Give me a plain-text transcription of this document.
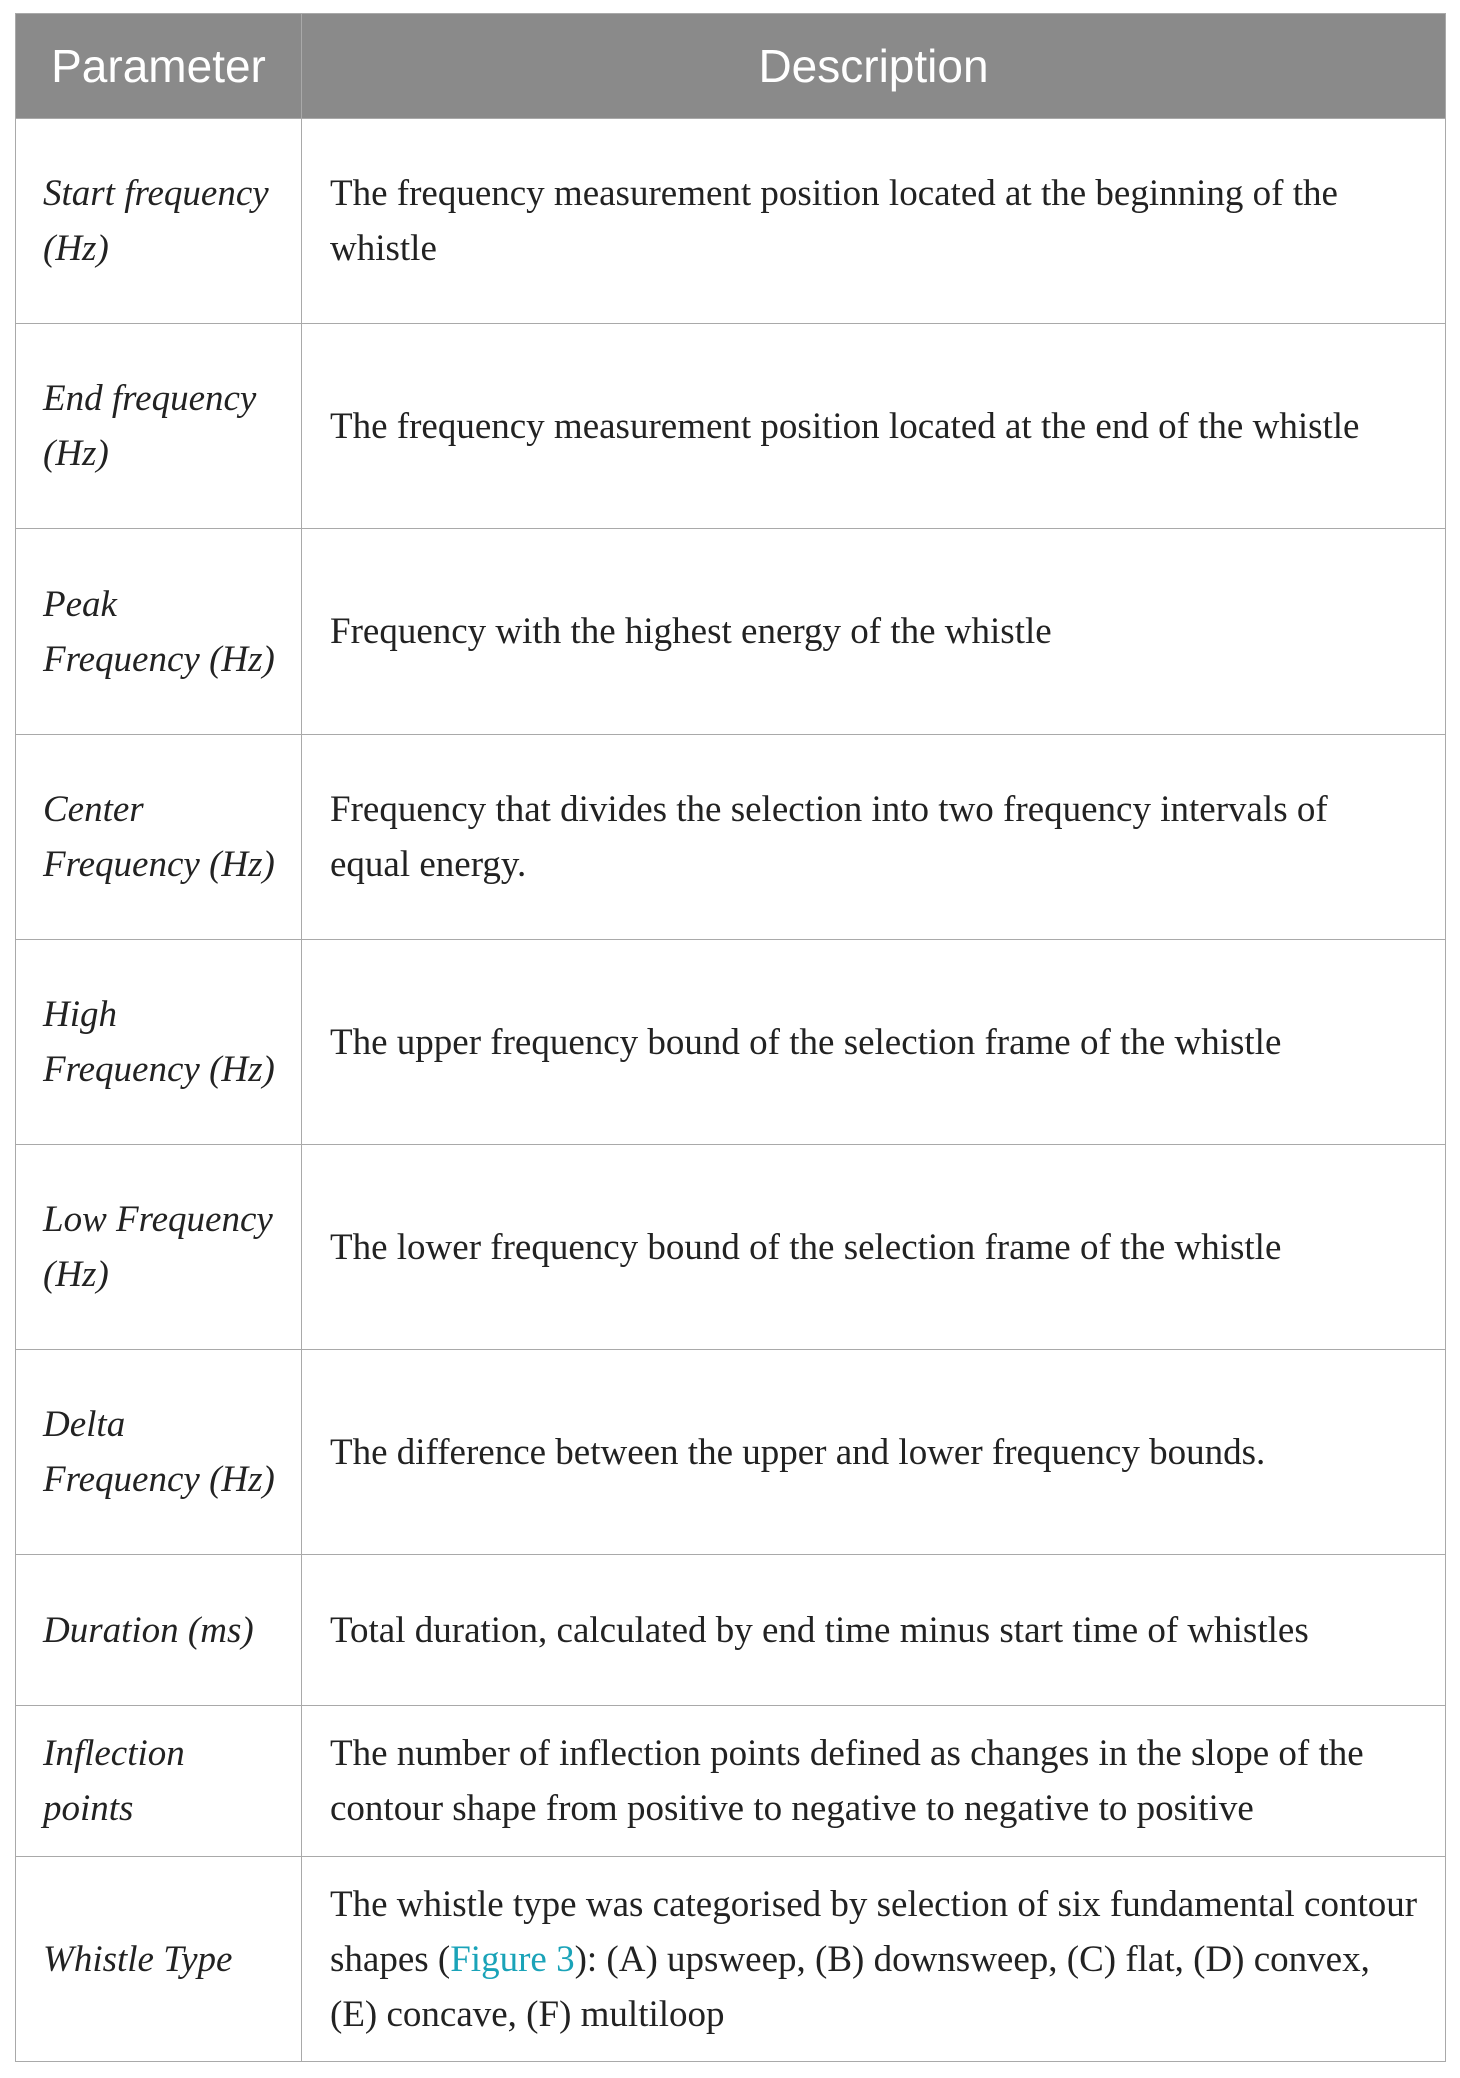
Parameter	Description
Start frequency (Hz)	The frequency measurement position located at the beginning of the whistle
End frequency (Hz)	The frequency measurement position located at the end of the whistle
Peak Frequency (Hz)	Frequency with the highest energy of the whistle
Center Frequency (Hz)	Frequency that divides the selection into two frequency intervals of
equal energy.
High Frequency (Hz)	The upper frequency bound of the selection frame of the whistle
Low Frequency (Hz)	The lower frequency bound of the selection frame of the whistle
Delta Frequency (Hz)	The difference between the upper and lower frequency bounds.
Duration (ms)	Total duration, calculated by end time minus start time of whistles
Inflection points	The number of inflection points defined as changes in the slope of the contour shape from positive to negative to negative to positive
Whistle Type	The whistle type was categorised by selection of six fundamental contour shapes (Figure 3): (A) upsweep, (B) downsweep, (C) flat, (D) convex, (E) concave, (F) multiloop
